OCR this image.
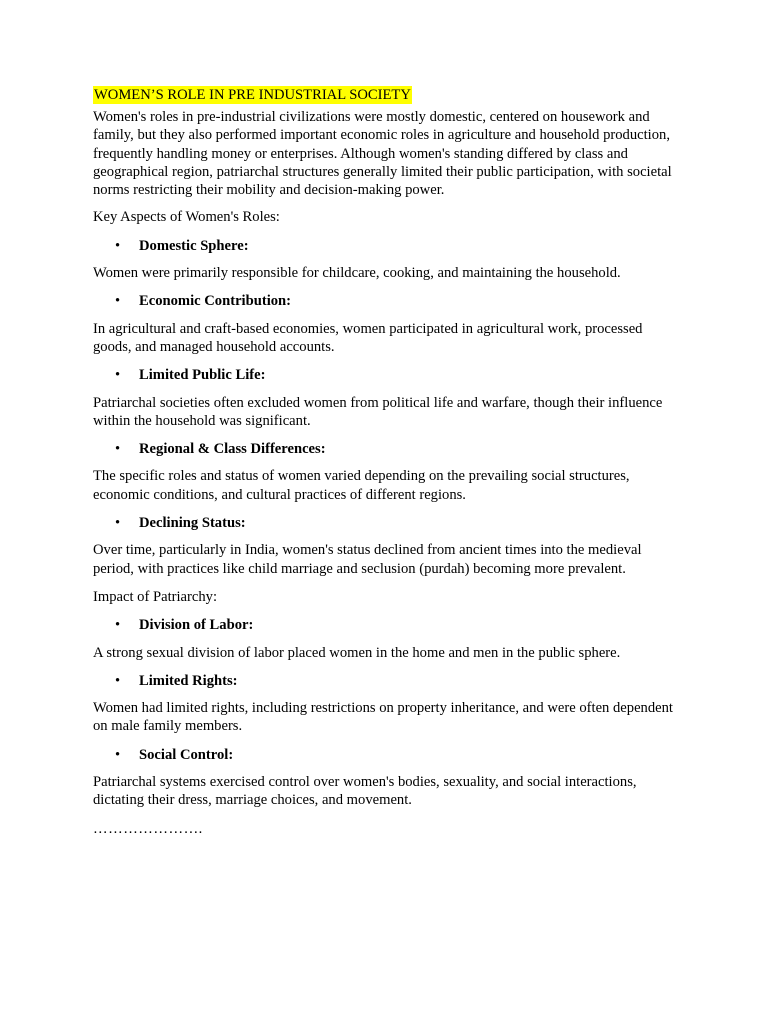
WOMEN’S ROLE IN PRE INDUSTRIAL SOCIETY

Women's roles in pre-industrial civilizations were mostly domestic, centered on housework and family, but they also performed important economic roles in agriculture and household production, frequently handling money or enterprises. Although women's standing differed by class and geographical region, patriarchal structures generally limited their public participation, with societal norms restricting their mobility and decision-making power.

Key Aspects of Women's Roles:

• Domestic Sphere:

Women were primarily responsible for childcare, cooking, and maintaining the household.

• Economic Contribution:

In agricultural and craft-based economies, women participated in agricultural work, processed goods, and managed household accounts.

• Limited Public Life:

Patriarchal societies often excluded women from political life and warfare, though their influence within the household was significant.

• Regional & Class Differences:

The specific roles and status of women varied depending on the prevailing social structures, economic conditions, and cultural practices of different regions.

• Declining Status:

Over time, particularly in India, women's status declined from ancient times into the medieval period, with practices like child marriage and seclusion (purdah) becoming more prevalent.

Impact of Patriarchy:

• Division of Labor:

A strong sexual division of labor placed women in the home and men in the public sphere.

• Limited Rights:

Women had limited rights, including restrictions on property inheritance, and were often dependent on male family members.

• Social Control:

Patriarchal systems exercised control over women's bodies, sexuality, and social interactions, dictating their dress, marriage choices, and movement.

………………….
